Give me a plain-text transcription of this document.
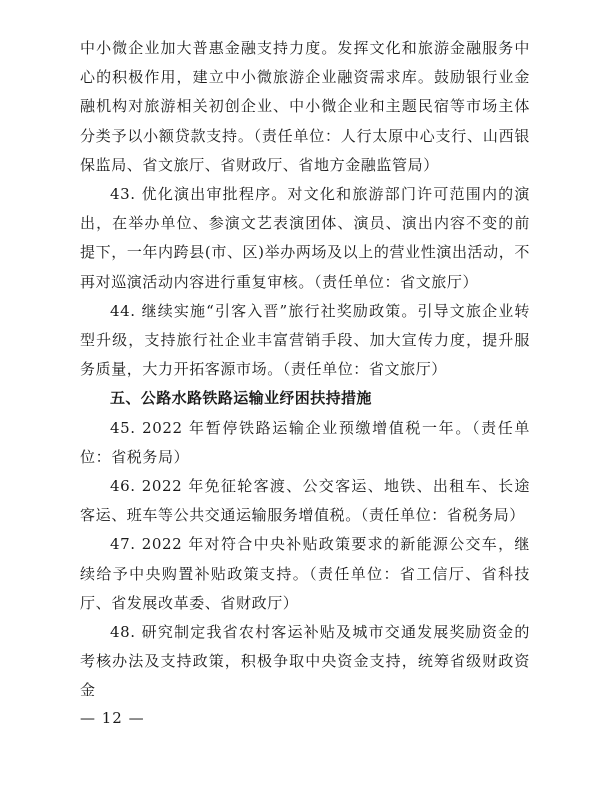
中小微企业加大普惠金融支持力度。发挥文化和旅游金融服务中心的积极作用，建立中小微旅游企业融资需求库。鼓励银行业金融机构对旅游相关初创企业、中小微企业和主题民宿等市场主体分类予以小额贷款支持。（责任单位：人行太原中心支行、山西银保监局、省文旅厅、省财政厅、省地方金融监管局）

43. 优化演出审批程序。对文化和旅游部门许可范围内的演出，在举办单位、参演文艺表演团体、演员、演出内容不变的前提下，一年内跨县(市、区)举办两场及以上的营业性演出活动，不再对巡演活动内容进行重复审核。（责任单位：省文旅厅）

44. 继续实施“引客入晋”旅行社奖励政策。引导文旅企业转型升级，支持旅行社企业丰富营销手段、加大宣传力度，提升服务质量，大力开拓客源市场。（责任单位：省文旅厅）

五、公路水路铁路运输业纾困扶持措施

45. 2022 年暂停铁路运输企业预缴增值税一年。（责任单位：省税务局）

46. 2022 年免征轮客渡、公交客运、地铁、出租车、长途客运、班车等公共交通运输服务增值税。（责任单位：省税务局）

47. 2022 年对符合中央补贴政策要求的新能源公交车，继续给予中央购置补贴政策支持。（责任单位：省工信厅、省科技厅、省发展改革委、省财政厅）

48. 研究制定我省农村客运补贴及城市交通发展奖励资金的考核办法及支持政策，积极争取中央资金支持，统筹省级财政资金

— 12 —
